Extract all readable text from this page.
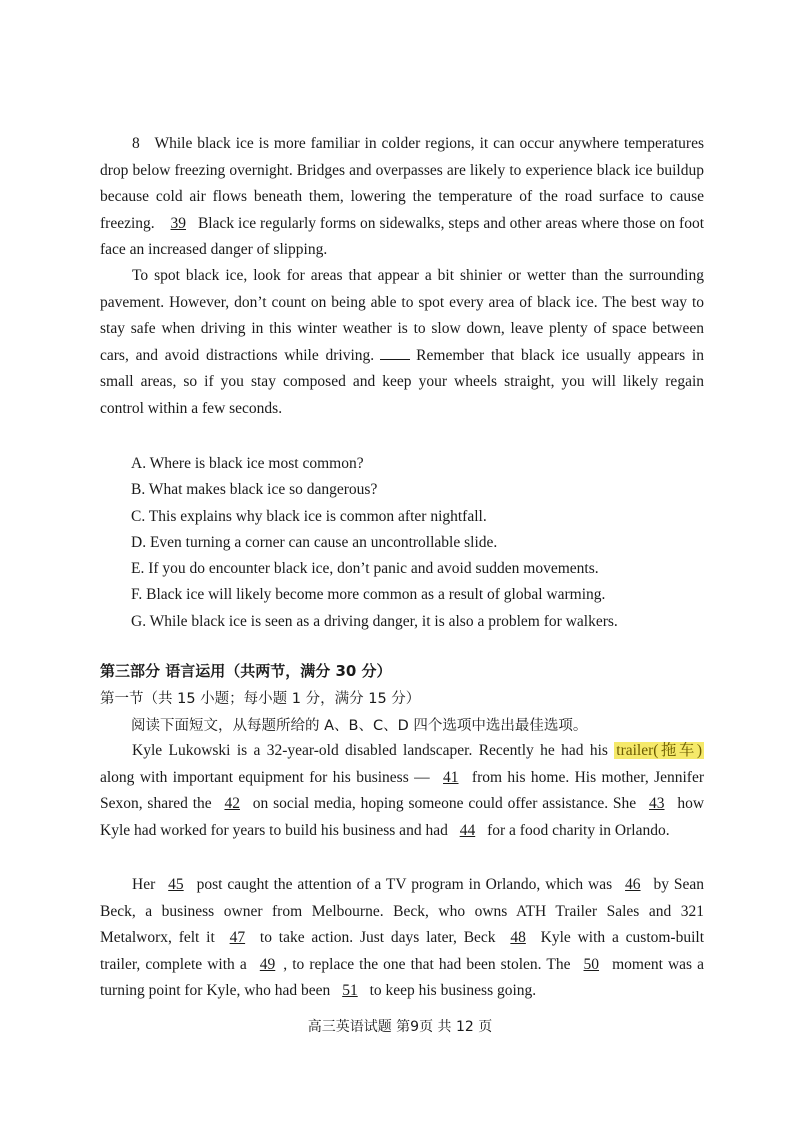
8 While black ice is more familiar in colder regions, it can occur anywhere temperatures drop below freezing overnight. Bridges and overpasses are likely to experience black ice buildup because cold air flows beneath them, lowering the temperature of the road surface to cause freezing. 39 Black ice regularly forms on sidewalks, steps and other areas where those on foot face an increased danger of slipping.

To spot black ice, look for areas that appear a bit shinier or wetter than the surrounding pavement. However, don’t count on being able to spot every area of black ice. The best way to stay safe when driving in this winter weather is to slow down, leave plenty of space between cars, and avoid distractions while driving.	Remember that black ice usually appears in small areas, so if you stay composed and keep your wheels straight, you will likely regain control within a few seconds.

A. Where is black ice most common?
B. What makes black ice so dangerous?
C. This explains why black ice is common after nightfall.
D. Even turning a corner can cause an uncontrollable slide.
E. If you do encounter black ice, don’t panic and avoid sudden movements.
F. Black ice will likely become more common as a result of global warming.
G. While black ice is seen as a driving danger, it is also a problem for walkers.
第三部分 语言运用（共两节，满分 30 分）
第一节（共 15 小题；每小题 1 分，满分 15 分）
阅读下面短文，从每题所给的 A、B、C、D 四个选项中选出最佳选项。

Kyle Lukowski is a 32-year-old disabled landscaper. Recently he had his trailer(拖车) along with important equipment for his business — 41 from his home. His mother, Jennifer Sexon, shared the 42 on social media, hoping someone could offer assistance. She 43 how Kyle had worked for years to build his business and had 44 for a food charity in Orlando.

Her 45 post caught the attention of a TV program in Orlando, which was 46 by Sean Beck, a business owner from Melbourne. Beck, who owns ATH Trailer Sales and 321 Metalworx, felt it 47 to take action. Just days later, Beck 48 Kyle with a custom-built trailer, complete with a 49 , to replace the one that had been stolen. The 50 moment was a turning point for Kyle, who had been 51 to keep his business going.

高三英语试题 第9页 共 12 页
